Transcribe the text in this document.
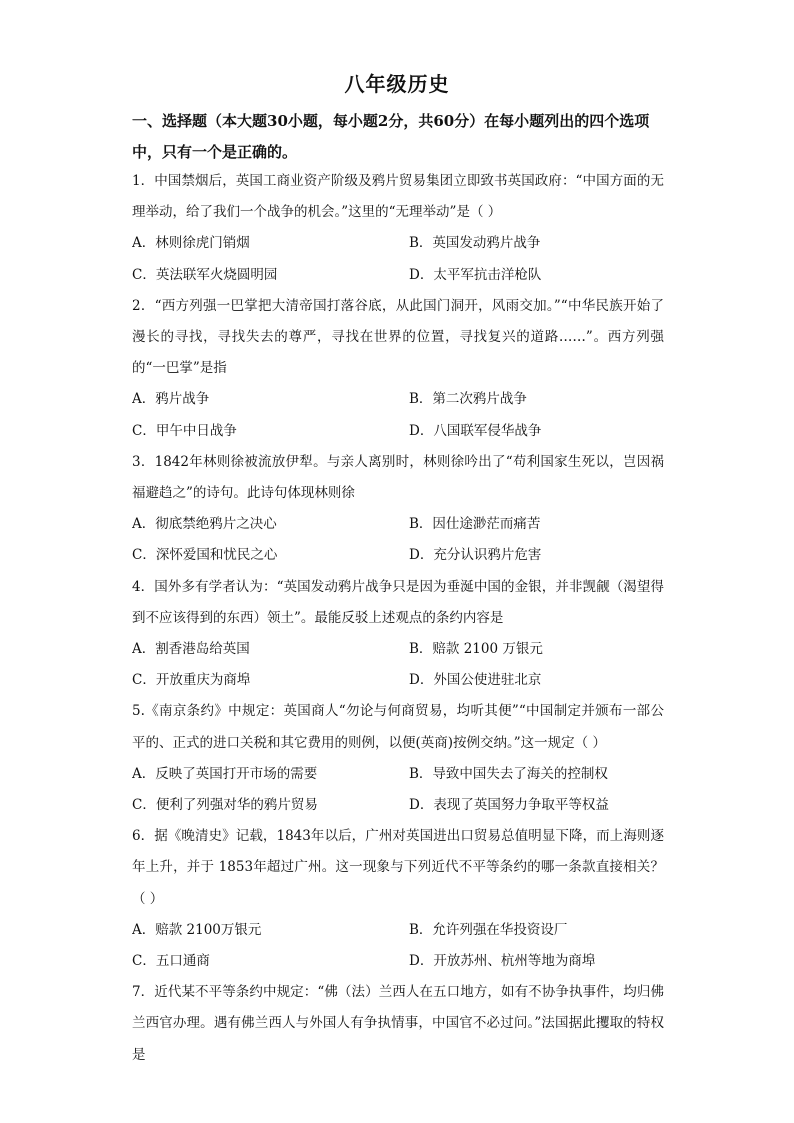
八年级历史
一、选择题（本大题30小题，每小题2分，共60分）在每小题列出的四个选项中，只有一个是正确的。

1．中国禁烟后，英国工商业资产阶级及鸦片贸易集团立即致书英国政府：“中国方面的无理举动，给了我们一个战争的机会。”这里的“无理举动”是（ ）

A．林则徐虎门销烟	B．英国发动鸦片战争
C．英法联军火烧圆明园	D．太平军抗击洋枪队

2．“西方列强一巴掌把大清帝国打落谷底，从此国门洞开，风雨交加。”“中华民族开始了漫长的寻找，寻找失去的尊严，寻找在世界的位置，寻找复兴的道路……”。西方列强的“一巴掌”是指

A．鸦片战争	B．第二次鸦片战争
C．甲午中日战争	D．八国联军侵华战争

3．1842年林则徐被流放伊犁。与亲人离别时，林则徐吟出了“苟利国家生死以，岂因祸福避趋之”的诗句。此诗句体现林则徐

A．彻底禁绝鸦片之决心	B．因仕途渺茫而痛苦
C．深怀爱国和忧民之心	D．充分认识鸦片危害

4．国外多有学者认为：“英国发动鸦片战争只是因为垂涎中国的金银，并非觊觎（渴望得到不应该得到的东西）领土”。最能反驳上述观点的条约内容是

A．割香港岛给英国	B．赔款 2100 万银元
C．开放重庆为商埠	D．外国公使进驻北京

5.《南京条约》中规定：英国商人“勿论与何商贸易，均听其便”“中国制定并颁布一部公平的、正式的进口关税和其它费用的则例，以便(英商)按例交纳。”这一规定（ ）

A．反映了英国打开市场的需要	B．导致中国失去了海关的控制权
C．便利了列强对华的鸦片贸易	D．表现了英国努力争取平等权益

6．据《晚清史》记载，1843年以后，广州对英国进出口贸易总值明显下降，而上海则逐年上升，并于 1853年超过广州。这一现象与下列近代不平等条约的哪一条款直接相关？（ ）

A．赔款 2100万银元	B．允许列强在华投资设厂
C．五口通商	D．开放苏州、杭州等地为商埠

7．近代某不平等条约中规定：“佛（法）兰西人在五口地方，如有不协争执事件，均归佛兰西官办理。遇有佛兰西人与外国人有争执情事，中国官不必过问。”法国据此攫取的特权是
